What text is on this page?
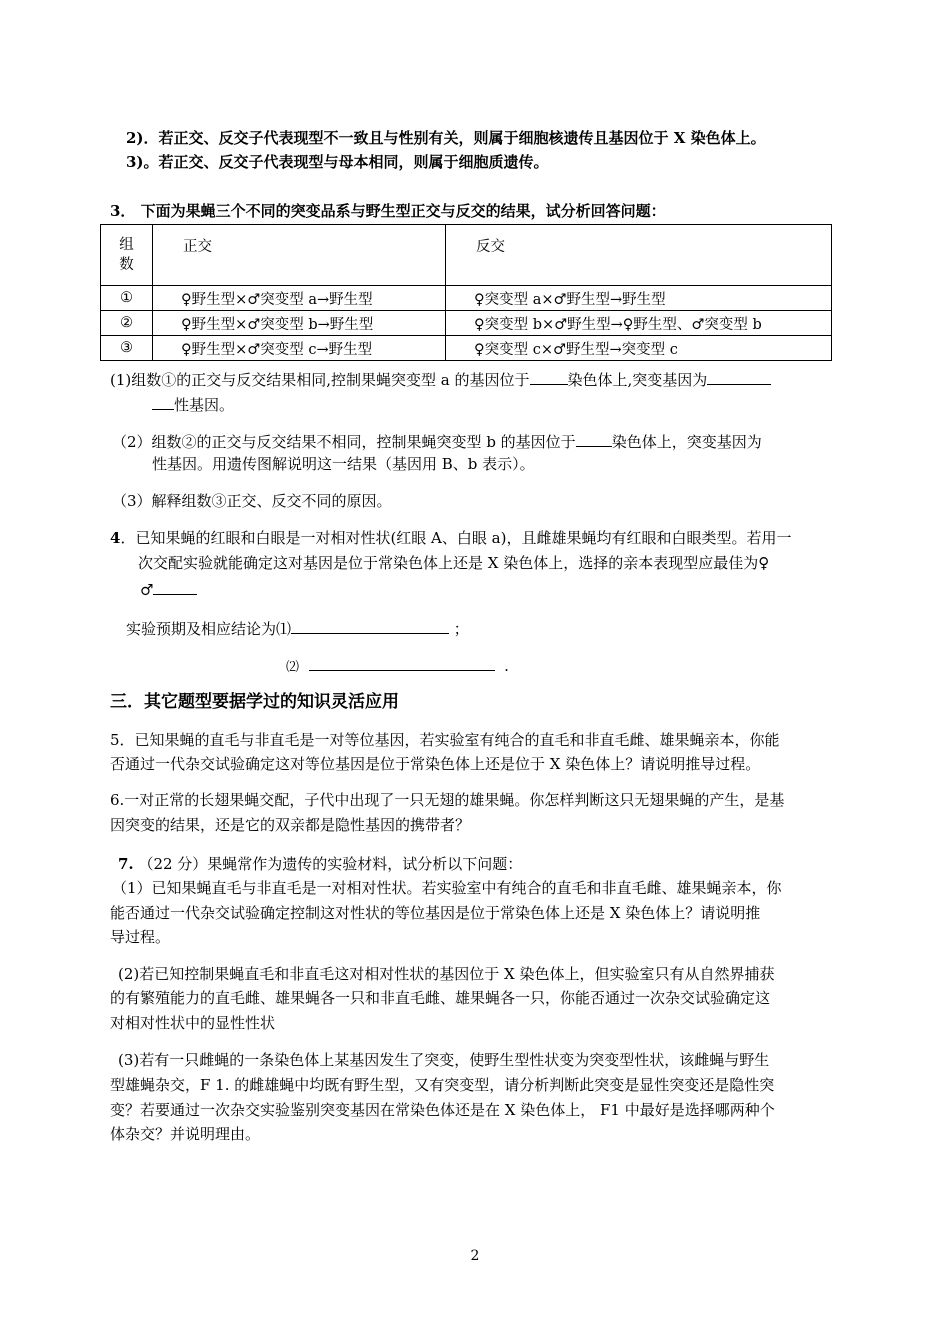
2)．若正交、反交子代表现型不一致且与性别有关，则属于细胞核遗传且基因位于 X 染色体上。
3)。若正交、反交子代表现型与母本相同，则属于细胞质遗传。
3． 下面为果蝇三个不同的突变品系与野生型正交与反交的结果，试分析回答问题：
组
数	正交	反交
①	♀野生型×♂突变型 a→野生型	♀突变型 a×♂野生型→野生型
②	♀野生型×♂突变型 b→野生型	♀突变型 b×♂野生型→♀野生型、♂突变型 b
③	♀野生型×♂突变型 c→野生型	♀突变型 c×♂野生型→突变型 c
(1)组数①的正交与反交结果相同,控制果蝇突变型 a 的基因位于	染色体上,突变基因为
性基因。
（2）组数②的正交与反交结果不相同，控制果蝇突变型 b 的基因位于 染色体上，突变基因为
性基因。用遗传图解说明这一结果（基因用 B、b 表示）。
（3）解释组数③正交、反交不同的原因。
4．已知果蝇的红眼和白眼是一对相对性状(红眼 A、白眼 a)，且雌雄果蝇均有红眼和白眼类型。若用一
次交配实验就能确定这对基因是位于常染色体上还是 X 染色体上，选择的亲本表现型应最佳为♀
♂
实验预期及相应结论为⑴	；
⑵	.
三．其它题型要据学过的知识灵活应用
5．已知果蝇的直毛与非直毛是一对等位基因，若实验室有纯合的直毛和非直毛雌、雄果蝇亲本，你能
否通过一代杂交试验确定这对等位基因是位于常染色体上还是位于 X 染色体上？请说明推导过程。
6.一对正常的长翅果蝇交配，子代中出现了一只无翅的雄果蝇。你怎样判断这只无翅果蝇的产生，是基
因突变的结果，还是它的双亲都是隐性基因的携带者？
7. （22 分）果蝇常作为遗传的实验材料，试分析以下问题：
（1）已知果蝇直毛与非直毛是一对相对性状。若实验室中有纯合的直毛和非直毛雌、雄果蝇亲本，你
能否通过一代杂交试验确定控制这对性状的等位基因是位于常染色体上还是 X 染色体上？请说明推
导过程。
(2)若已知控制果蝇直毛和非直毛这对相对性状的基因位于 X 染色体上，但实验室只有从自然界捕获
的有繁殖能力的直毛雌、雄果蝇各一只和非直毛雌、雄果蝇各一只，你能否通过一次杂交试验确定这
对相对性状中的显性性状
(3)若有一只雌蝇的一条染色体上某基因发生了突变，使野生型性状变为突变型性状，该雌蝇与野生
型雄蝇杂交，F 1. 的雌雄蝇中均既有野生型，又有突变型，请分析判断此突变是显性突变还是隐性突
变？若要通过一次杂交实验鉴别突变基因在常染色体还是在 X 染色体上， F1 中最好是选择哪两种个
体杂交？并说明理由。
2
